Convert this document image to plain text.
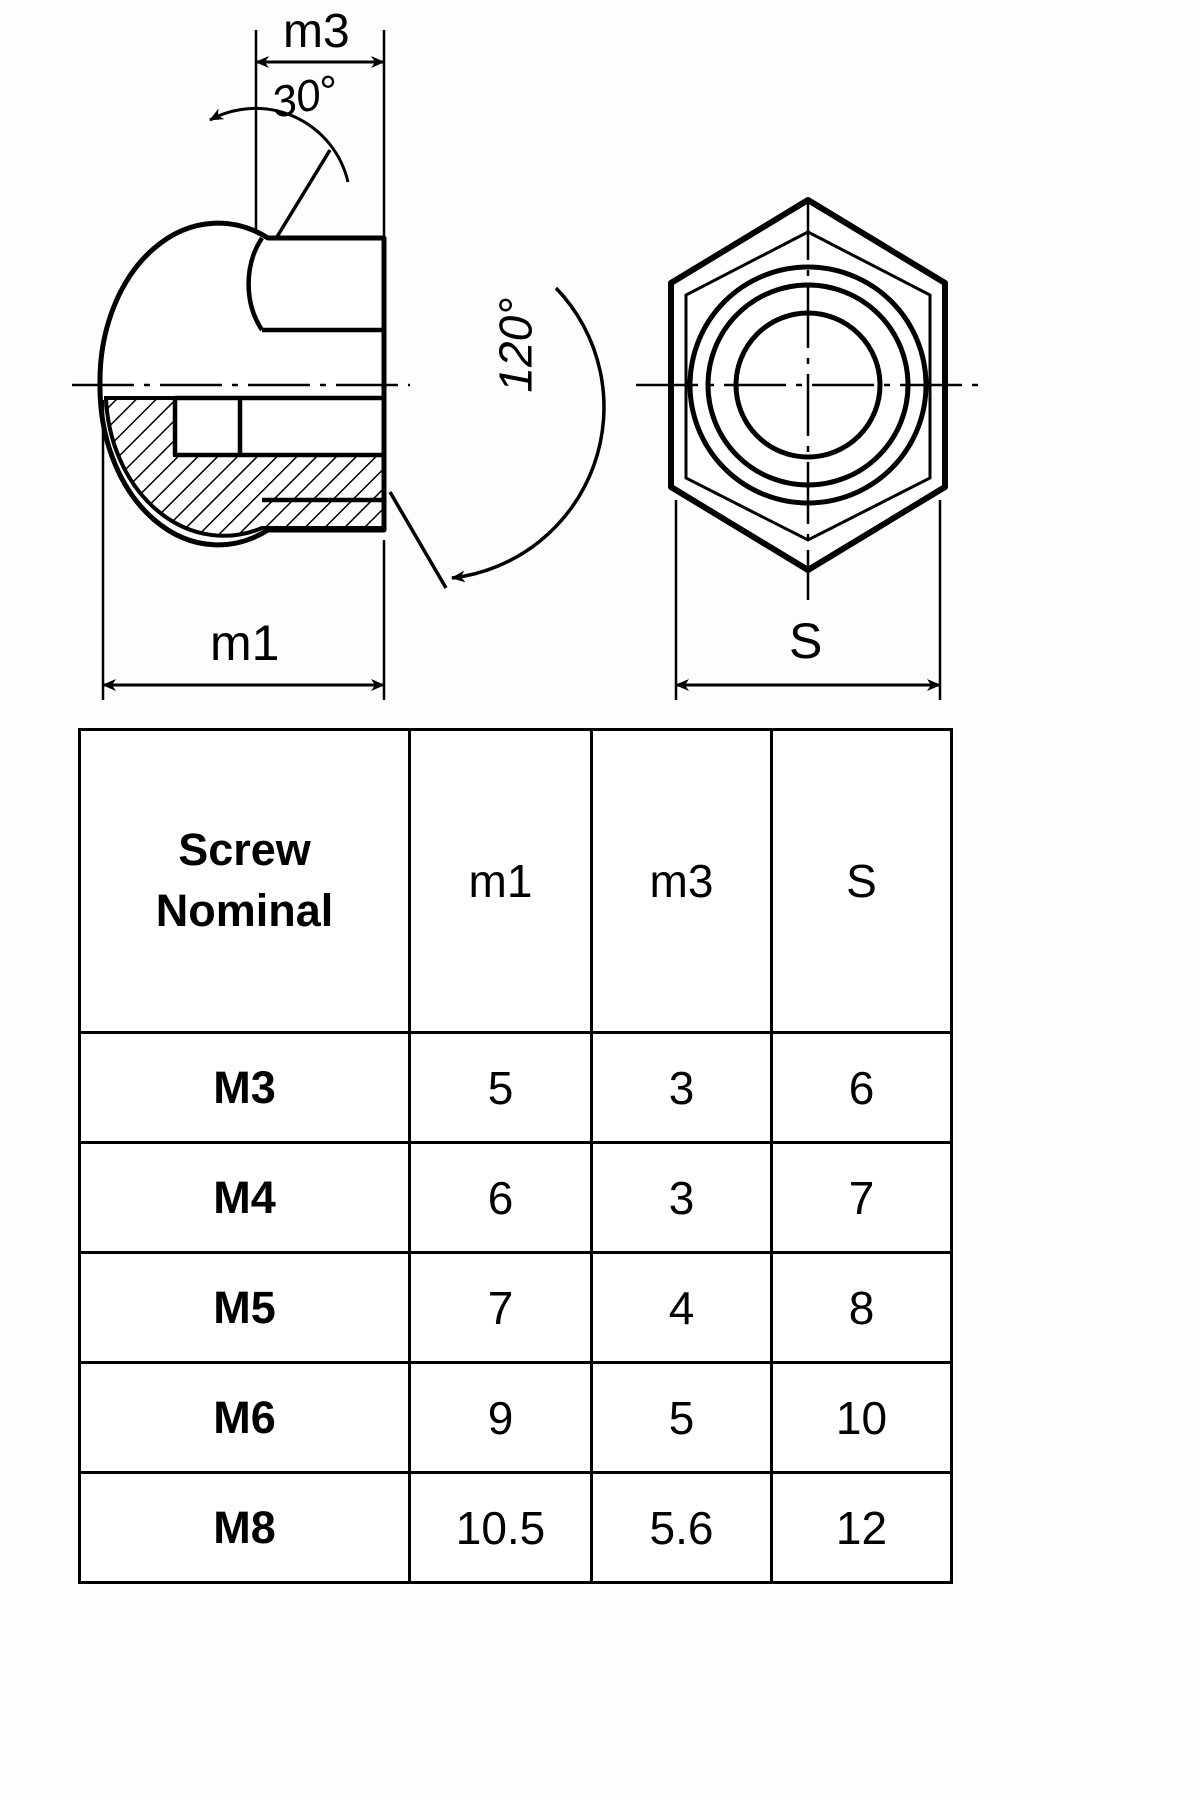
m3
30°
120°
m1	S
Screw
Nominal	m1	m3	S
M3	5	3	6
M4	6	3	7
M5	7	4	8
M6	9	5	10
M8	10.5	5.6	12
